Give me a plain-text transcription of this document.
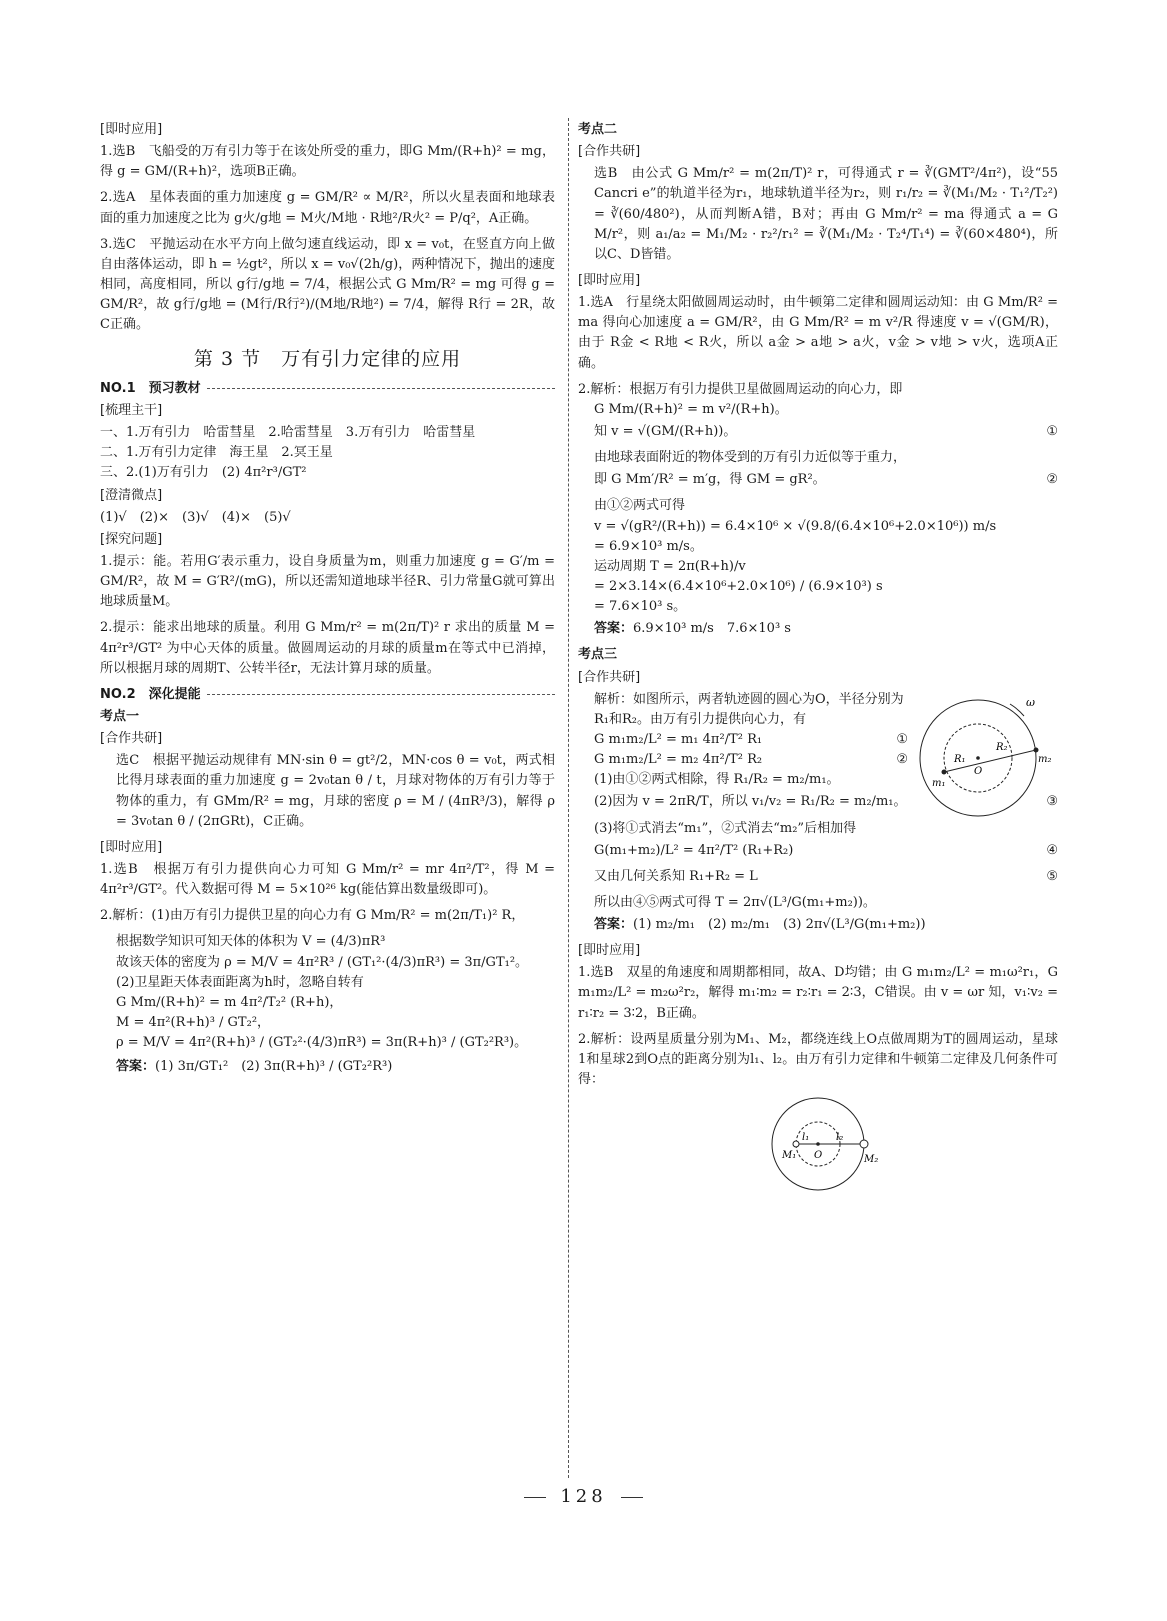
[ 即时应用 ]

1.选B　飞船受的万有引力等于在该处所受的重力，即G Mm/(R+h)² = mg，得 g = GM/(R+h)²，选项B正确。

2.选A　星体表面的重力加速度 g = GM/R² ∝ M/R²，所以火星表面和地球表面的重力加速度之比为 g火/g地 = M火/M地 · R地²/R火² = P/q²，A正确。

3.选C　平抛运动在水平方向上做匀速直线运动，即 x = v₀t，在竖直方向上做自由落体运动，即 h = ½gt²，所以 x = v₀√(2h/g)，两种情况下，抛出的速度相同，高度相同，所以 g行/g地 = 7/4，根据公式 G Mm/R² = mg 可得 g = GM/R²，故 g行/g地 = (M行/R行²)/(M地/R地²) = 7/4，解得 R行 = 2R，故C正确。

第 3 节　万有引力定律的应用
NO.1　预习教材
[ 梳理主干 ]
一、1.万有引力　哈雷彗星　2.哈雷彗星　3.万有引力　哈雷彗星
二、1.万有引力定律　海王星　2.冥王星
三、2.(1)万有引力　(2) 4π²r³/GT²
[ 澄清微点 ]
(1)√　(2)×　(3)√　(4)×　(5)√
[ 探究问题 ]

1.提示：能。若用G′表示重力，设自身质量为m，则重力加速度 g = G′/m = GM/R²，故 M = G′R²/(mG)，所以还需知道地球半径R、引力常量G就可算出地球质量M。

2.提示：能求出地球的质量。利用 G Mm/r² = m(2π/T)² r 求出的质量 M = 4π²r³/GT² 为中心天体的质量。做圆周运动的月球的质量m在等式中已消掉，所以根据月球的周期T、公转半径r，无法计算月球的质量。

NO.2　深化提能
考点一
[ 合作共研 ]

选C　根据平抛运动规律有 MN·sin θ = gt²/2，MN·cos θ = v₀t，两式相比得月球表面的重力加速度 g = 2v₀tan θ / t，月球对物体的万有引力等于物体的重力，有 GMm/R² = mg，月球的密度 ρ = M / (4πR³/3)，解得 ρ = 3v₀tan θ / (2πGRt)，C正确。

[ 即时应用 ]

1.选B　根据万有引力提供向心力可知 G Mm/r² = mr 4π²/T²，得 M = 4π²r³/GT²。代入数据可得 M = 5×10²⁶ kg(能估算出数量级即可)。

2.解析：(1)由万有引力提供卫星的向心力有 G Mm/R² = m(2π/T₁)² R，

根据数学知识可知天体的体积为 V = (4/3)πR³
故该天体的密度为 ρ = M/V = 4π²R³ / (GT₁²·(4/3)πR³) = 3π/GT₁²。
(2)卫星距天体表面距离为h时，忽略自转有
G Mm/(R+h)² = m 4π²/T₂² (R+h)，
M = 4π²(R+h)³ / GT₂²，
ρ = M/V = 4π²(R+h)³ / (GT₂²·(4/3)πR³) = 3π(R+h)³ / (GT₂²R³)。
答案：(1) 3π/GT₁²　(2) 3π(R+h)³ / (GT₂²R³)
考点二
[ 合作共研 ]

选B　由公式 G Mm/r² = m(2π/T)² r，可得通式 r = ∛(GMT²/4π²)，设“55 Cancri e”的轨道半径为r₁，地球轨道半径为r₂，则 r₁/r₂ = ∛(M₁/M₂ · T₁²/T₂²) = ∛(60/480²)，从而判断A错，B对；再由 G Mm/r² = ma 得通式 a = G M/r²，则 a₁/a₂ = M₁/M₂ · r₂²/r₁² = ∛(M₁/M₂ · T₂⁴/T₁⁴) = ∛(60×480⁴)，所以C、D皆错。

[ 即时应用 ]

1.选A　行星绕太阳做圆周运动时，由牛顿第二定律和圆周运动知：由 G Mm/R² = ma 得向心加速度 a = GM/R²，由 G Mm/R² = m v²/R 得速度 v = √(GM/R)，由于 R金 < R地 < R火，所以 a金 > a地 > a火，v金 > v地 > v火，选项A正确。

2.解析：根据万有引力提供卫星做圆周运动的向心力，即
G Mm/(R+h)² = m v²/(R+h)。
知 v = √(GM/(R+h))。	①
由地球表面附近的物体受到的万有引力近似等于重力，
即 G Mm′/R² = m′g，得 GM = gR²。	②
由①②两式可得
v = √(gR²/(R+h)) = 6.4×10⁶ × √(9.8/(6.4×10⁶+2.0×10⁶)) m/s
= 6.9×10³ m/s。
运动周期 T = 2π(R+h)/v
= 2×3.14×(6.4×10⁶+2.0×10⁶) / (6.9×10³) s
= 7.6×10³ s。
答案：6.9×10³ m/s　7.6×10³ s
考点三
[ 合作共研 ]
解析：如图所示，两者轨迹圆的圆心为O，半径分别为R₁和R₂。由万有引力提供向心力，有
G m₁m₂/L² = m₁ 4π²/T² R₁	①
G m₁m₂/L² = m₂ 4π²/T² R₂	②
ω
m₁
m₂
R₁
R₂
O
(1)由①②两式相除，得 R₁/R₂ = m₂/m₁。
(2)因为 v = 2πR/T，所以 v₁/v₂ = R₁/R₂ = m₂/m₁。	③
(3)将①式消去“m₁”，②式消去“m₂”后相加得
G(m₁+m₂)/L² = 4π²/T² (R₁+R₂)	④
又由几何关系知 R₁+R₂ = L	⑤
所以由④⑤两式可得 T = 2π√(L³/G(m₁+m₂))。
答案：(1) m₂/m₁　(2) m₂/m₁　(3) 2π√(L³/G(m₁+m₂))
[ 即时应用 ]

1.选B　双星的角速度和周期都相同，故A、D均错；由 G m₁m₂/L² = m₁ω²r₁，G m₁m₂/L² = m₂ω²r₂，解得 m₁∶m₂ = r₂∶r₁ = 2∶3，C错误。由 v = ωr 知，v₁∶v₂ = r₁∶r₂ = 3∶2，B正确。

2.解析：设两星质量分别为M₁、M₂，都绕连线上O点做周期为T的圆周运动，星球1和星球2到O点的距离分别为l₁、l₂。由万有引力定律和牛顿第二定律及几何条件可得：

M₁	M₂
l₁	l₂
O
128
